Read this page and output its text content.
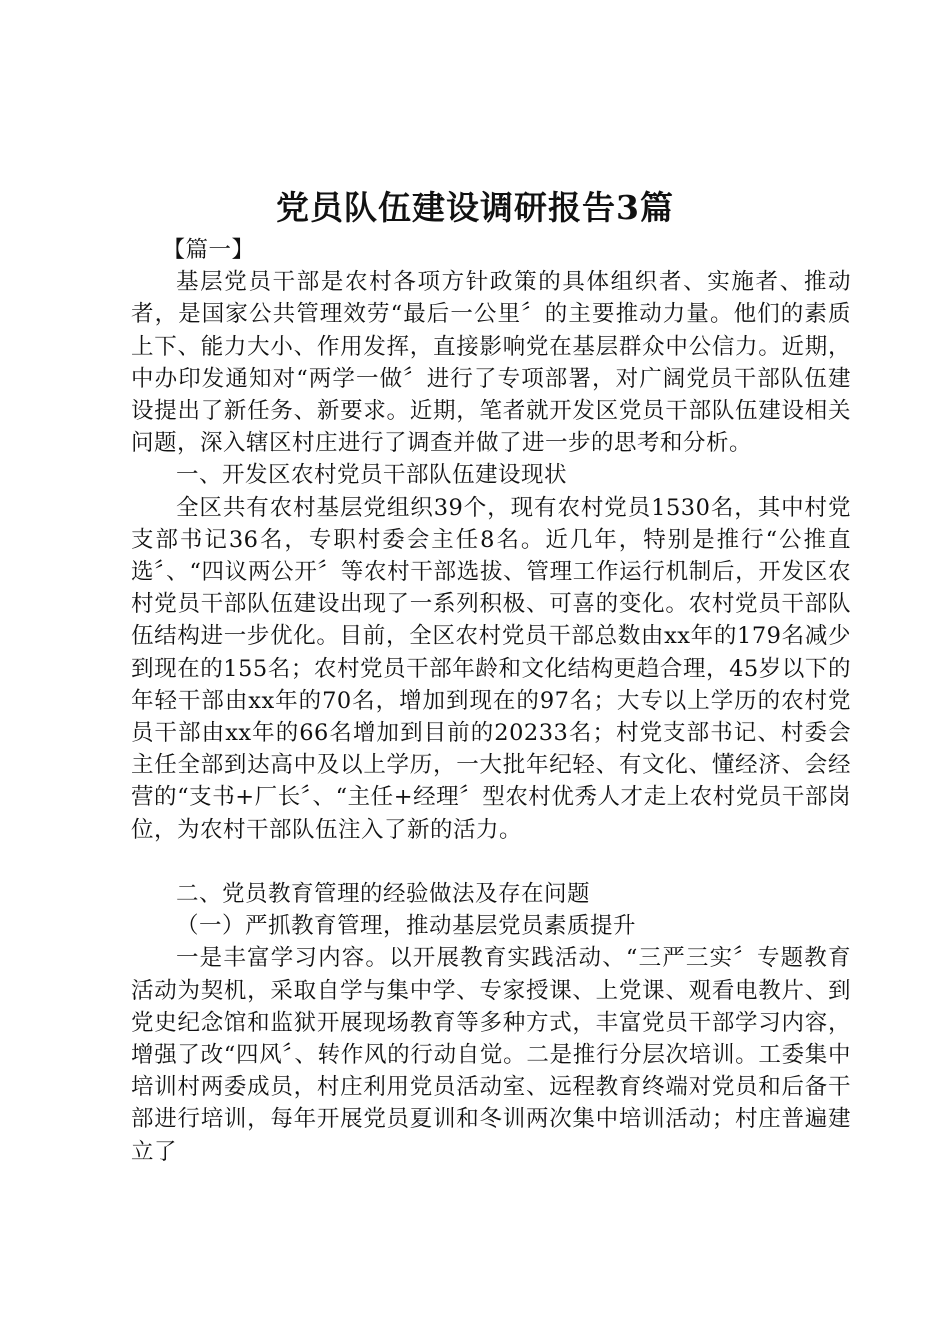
党员队伍建设调研报告3篇

【篇一】

基层党员干部是农村各项方针政策的具体组织者、实施者、推动者，是国家公共管理效劳“最后一公里〞的主要推动力量。他们的素质上下、能力大小、作用发挥，直接影响党在基层群众中公信力。近期，中办印发通知对“两学一做〞进行了专项部署，对广阔党员干部队伍建设提出了新任务、新要求。近期，笔者就开发区党员干部队伍建设相关问题，深入辖区村庄进行了调查并做了进一步的思考和分析。

一、开发区农村党员干部队伍建设现状

全区共有农村基层党组织39个，现有农村党员1530名，其中村党支部书记36名，专职村委会主任8名。近几年，特别是推行“公推直选〞、“四议两公开〞等农村干部选拔、管理工作运行机制后，开发区农村党员干部队伍建设出现了一系列积极、可喜的变化。农村党员干部队伍结构进一步优化。目前，全区农村党员干部总数由xx年的179名减少到现在的155名；农村党员干部年龄和文化结构更趋合理，45岁以下的年轻干部由xx年的70名，增加到现在的97名；大专以上学历的农村党员干部由xx年的66名增加到目前的20233名；村党支部书记、村委会主任全部到达高中及以上学历，一大批年纪轻、有文化、懂经济、会经营的“支书+厂长〞、“主任+经理〞型农村优秀人才走上农村党员干部岗位，为农村干部队伍注入了新的活力。

二、党员教育管理的经验做法及存在问题

（一）严抓教育管理，推动基层党员素质提升

一是丰富学习内容。以开展教育实践活动、“三严三实〞专题教育活动为契机，采取自学与集中学、专家授课、上党课、观看电教片、到党史纪念馆和监狱开展现场教育等多种方式，丰富党员干部学习内容，增强了改“四风〞、转作风的行动自觉。二是推行分层次培训。工委集中培训村两委成员，村庄利用党员活动室、远程教育终端对党员和后备干部进行培训，每年开展党员夏训和冬训两次集中培训活动；村庄普遍建立了
